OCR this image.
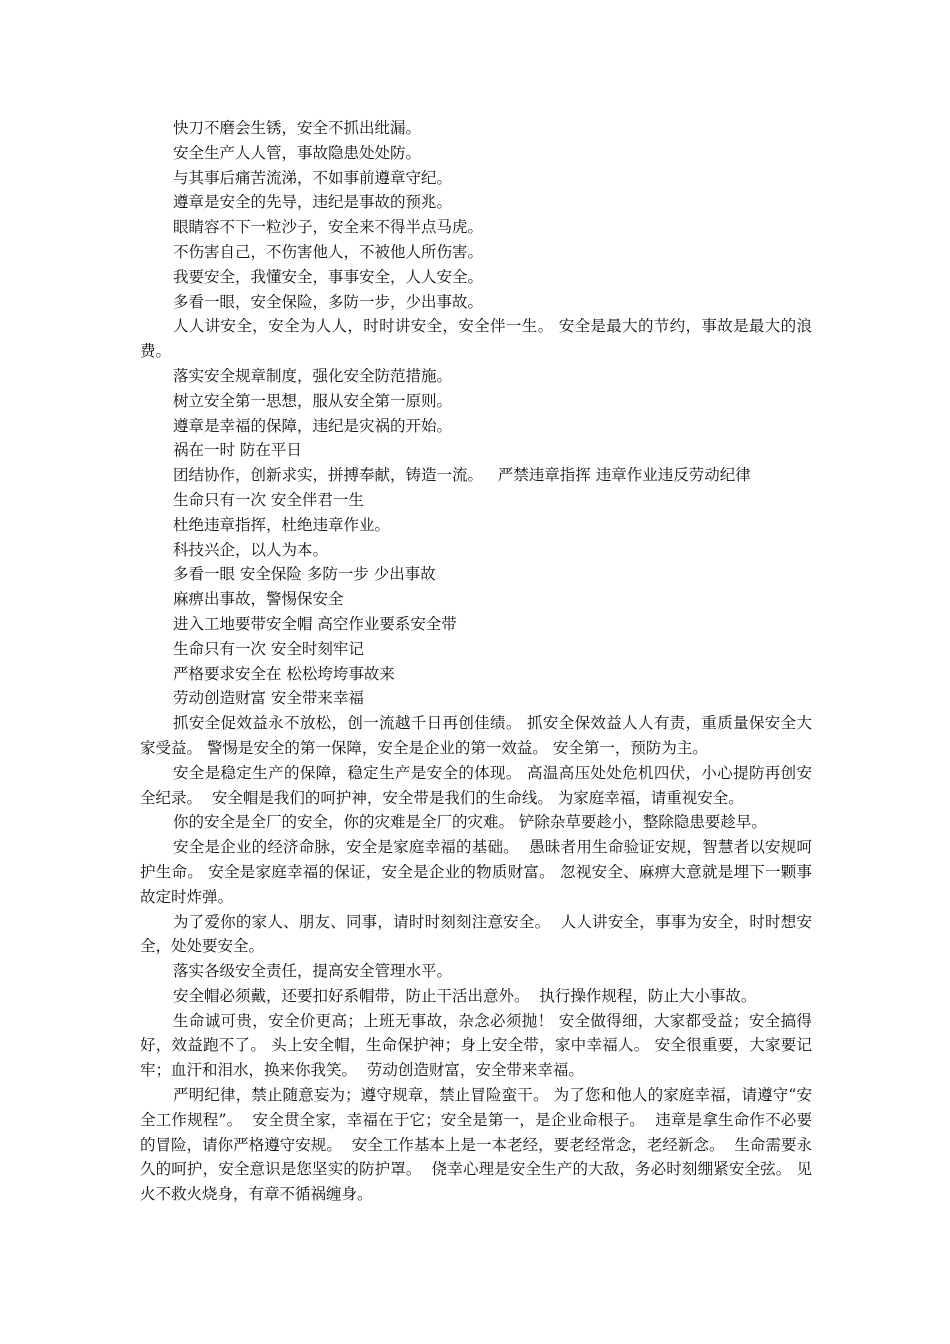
快刀不磨会生锈，安全不抓出纰漏。

安全生产人人管，事故隐患处处防。

与其事后痛苦流涕，不如事前遵章守纪。

遵章是安全的先导，违纪是事故的预兆。

眼睛容不下一粒沙子，安全来不得半点马虎。

不伤害自己，不伤害他人，不被他人所伤害。

我要安全，我懂安全，事事安全，人人安全。

多看一眼，安全保险，多防一步，少出事故。

人人讲安全，安全为人人，时时讲安全，安全伴一生。 安全是最大的节约，事故是最大的浪费。

落实安全规章制度，强化安全防范措施。

树立安全第一思想，服从安全第一原则。

遵章是幸福的保障，违纪是灾祸的开始。

祸在一时 防在平日

团结协作，创新求实，拼搏奉献，铸造一流。   严禁违章指挥 违章作业违反劳动纪律

生命只有一次 安全伴君一生

杜绝违章指挥，杜绝违章作业。

科技兴企，以人为本。

多看一眼 安全保险 多防一步 少出事故

麻痹出事故，警惕保安全

进入工地要带安全帽 高空作业要系安全带

生命只有一次 安全时刻牢记

严格要求安全在 松松垮垮事故来

劳动创造财富 安全带来幸福

抓安全促效益永不放松，创一流越千日再创佳绩。 抓安全保效益人人有责，重质量保安全大家受益。 警惕是安全的第一保障，安全是企业的第一效益。 安全第一，预防为主。

安全是稳定生产的保障，稳定生产是安全的体现。 高温高压处处危机四伏，小心提防再创安全纪录。  安全帽是我们的呵护神，安全带是我们的生命线。 为家庭幸福，请重视安全。

你的安全是全厂的安全，你的灾难是全厂的灾难。 铲除杂草要趁小，整除隐患要趁早。

安全是企业的经济命脉，安全是家庭幸福的基础。  愚昧者用生命验证安规，智慧者以安规呵护生命。 安全是家庭幸福的保证，安全是企业的物质财富。 忽视安全、麻痹大意就是埋下一颗事故定时炸弹。

为了爱你的家人、朋友、同事，请时时刻刻注意安全。  人人讲安全，事事为安全，时时想安全，处处要安全。

落实各级安全责任，提高安全管理水平。

安全帽必须戴，还要扣好系帽带，防止干活出意外。  执行操作规程，防止大小事故。

生命诚可贵，安全价更高；上班无事故，杂念必须抛！ 安全做得细，大家都受益；安全搞得好，效益跑不了。 头上安全帽，生命保护神；身上安全带，家中幸福人。 安全很重要，大家要记牢；血汗和泪水，换来你我笑。  劳动创造财富，安全带来幸福。

严明纪律，禁止随意妄为；遵守规章，禁止冒险蛮干。 为了您和他人的家庭幸福，请遵守“安全工作规程”。  安全贯全家，幸福在于它；安全是第一，是企业命根子。  违章是拿生命作不必要的冒险，请你严格遵守安规。  安全工作基本上是一本老经，要老经常念，老经新念。  生命需要永久的呵护，安全意识是您坚实的防护罩。  侥幸心理是安全生产的大敌，务必时刻绷紧安全弦。 见火不救火烧身，有章不循祸缠身。
